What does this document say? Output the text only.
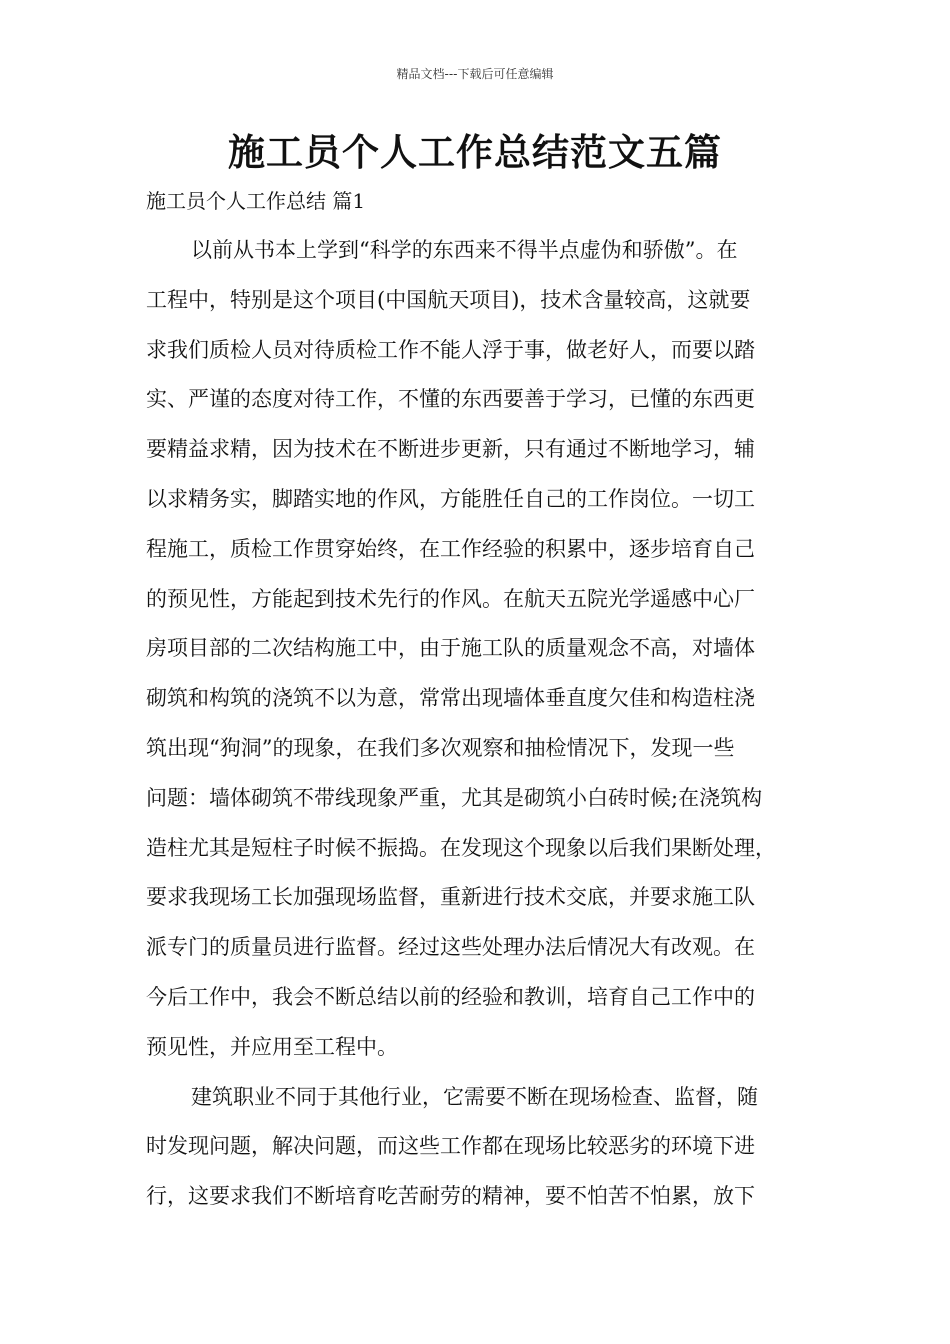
精品文档---下载后可任意编辑
施工员个人工作总结范文五篇
施工员个人工作总结 篇1
以前从书本上学到“科学的东西来不得半点虚伪和骄傲”。在
工程中，特别是这个项目(中国航天项目)，技术含量较高，这就要
求我们质检人员对待质检工作不能人浮于事，做老好人，而要以踏
实、严谨的态度对待工作，不懂的东西要善于学习，已懂的东西更
要精益求精，因为技术在不断进步更新，只有通过不断地学习，辅
以求精务实，脚踏实地的作风，方能胜任自己的工作岗位。一切工
程施工，质检工作贯穿始终，在工作经验的积累中，逐步培育自己
的预见性，方能起到技术先行的作风。在航天五院光学遥感中心厂
房项目部的二次结构施工中，由于施工队的质量观念不高，对墙体
砌筑和构筑的浇筑不以为意，常常出现墙体垂直度欠佳和构造柱浇
筑出现“狗洞”的现象，在我们多次观察和抽检情况下，发现一些
问题：墙体砌筑不带线现象严重，尤其是砌筑小白砖时候;在浇筑构
造柱尤其是短柱子时候不振捣。在发现这个现象以后我们果断处理，
要求我现场工长加强现场监督，重新进行技术交底，并要求施工队
派专门的质量员进行监督。经过这些处理办法后情况大有改观。在
今后工作中，我会不断总结以前的经验和教训，培育自己工作中的
预见性，并应用至工程中。
建筑职业不同于其他行业，它需要不断在现场检查、监督，随
时发现问题，解决问题，而这些工作都在现场比较恶劣的环境下进
行，这要求我们不断培育吃苦耐劳的精神，要不怕苦不怕累，放下
